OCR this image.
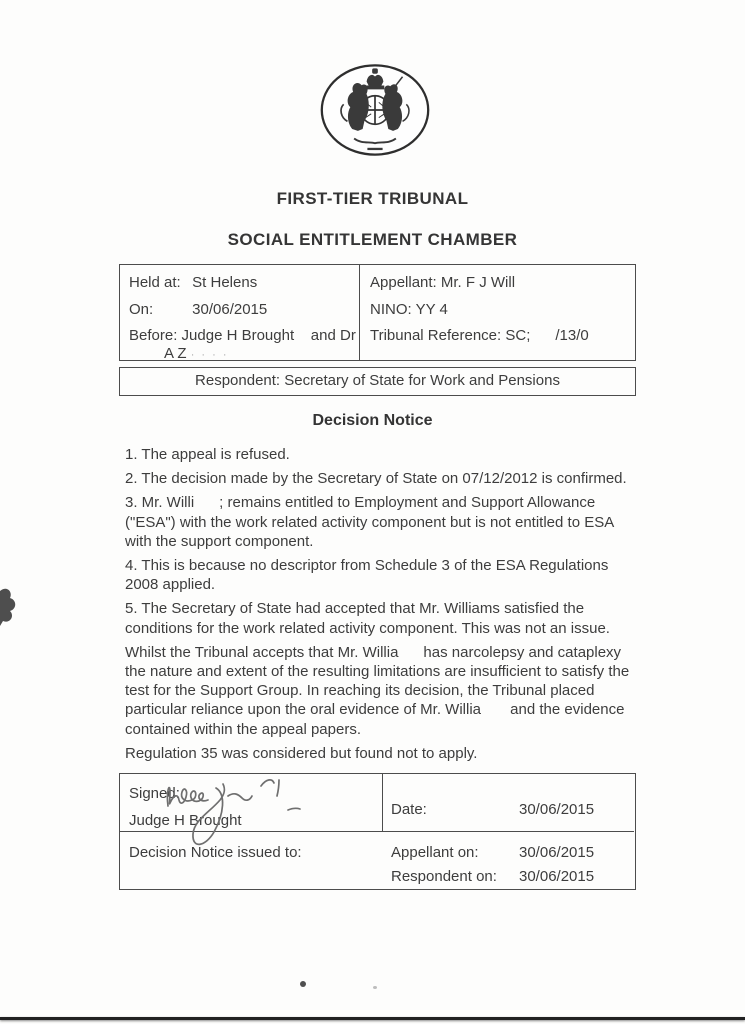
FIRST-TIER TRIBUNAL
SOCIAL ENTITLEMENT CHAMBER
Held at: St Helens
On:	30/06/2015
Before: Judge H Brought    and Dr
A Z · · · ·
Appellant: Mr. F J Will
NINO: YY 4
Tribunal Reference: SC;      /13/0
Respondent: Secretary of State for Work and Pensions
Decision Notice

1. The appeal is refused.

2. The decision made by the Secretary of State on 07/12/2012 is confirmed.

3. Mr. Willi      ; remains entitled to Employment and Support Allowance ("ESA") with the work related activity component but is not entitled to ESA with the support component.

4. This is because no descriptor from Schedule 3 of the ESA Regulations 2008 applied.

5. The Secretary of State had accepted that Mr. Williams satisfied the conditions for the work related activity component. This was not an issue.

Whilst the Tribunal accepts that Mr. Willia      has narcolepsy and cataplexy the nature and extent of the resulting limitations are insufficient to satisfy the test for the Support Group. In reaching its decision, the Tribunal placed particular reliance upon the oral evidence of Mr. Willia       and the evidence contained within the appeal papers.

Regulation 35 was considered but found not to apply.

Signed:
Judge H Brought
Date:	30/06/2015
Decision Notice issued to:	Appellant on:	30/06/2015
Respondent on: 30/06/2015
